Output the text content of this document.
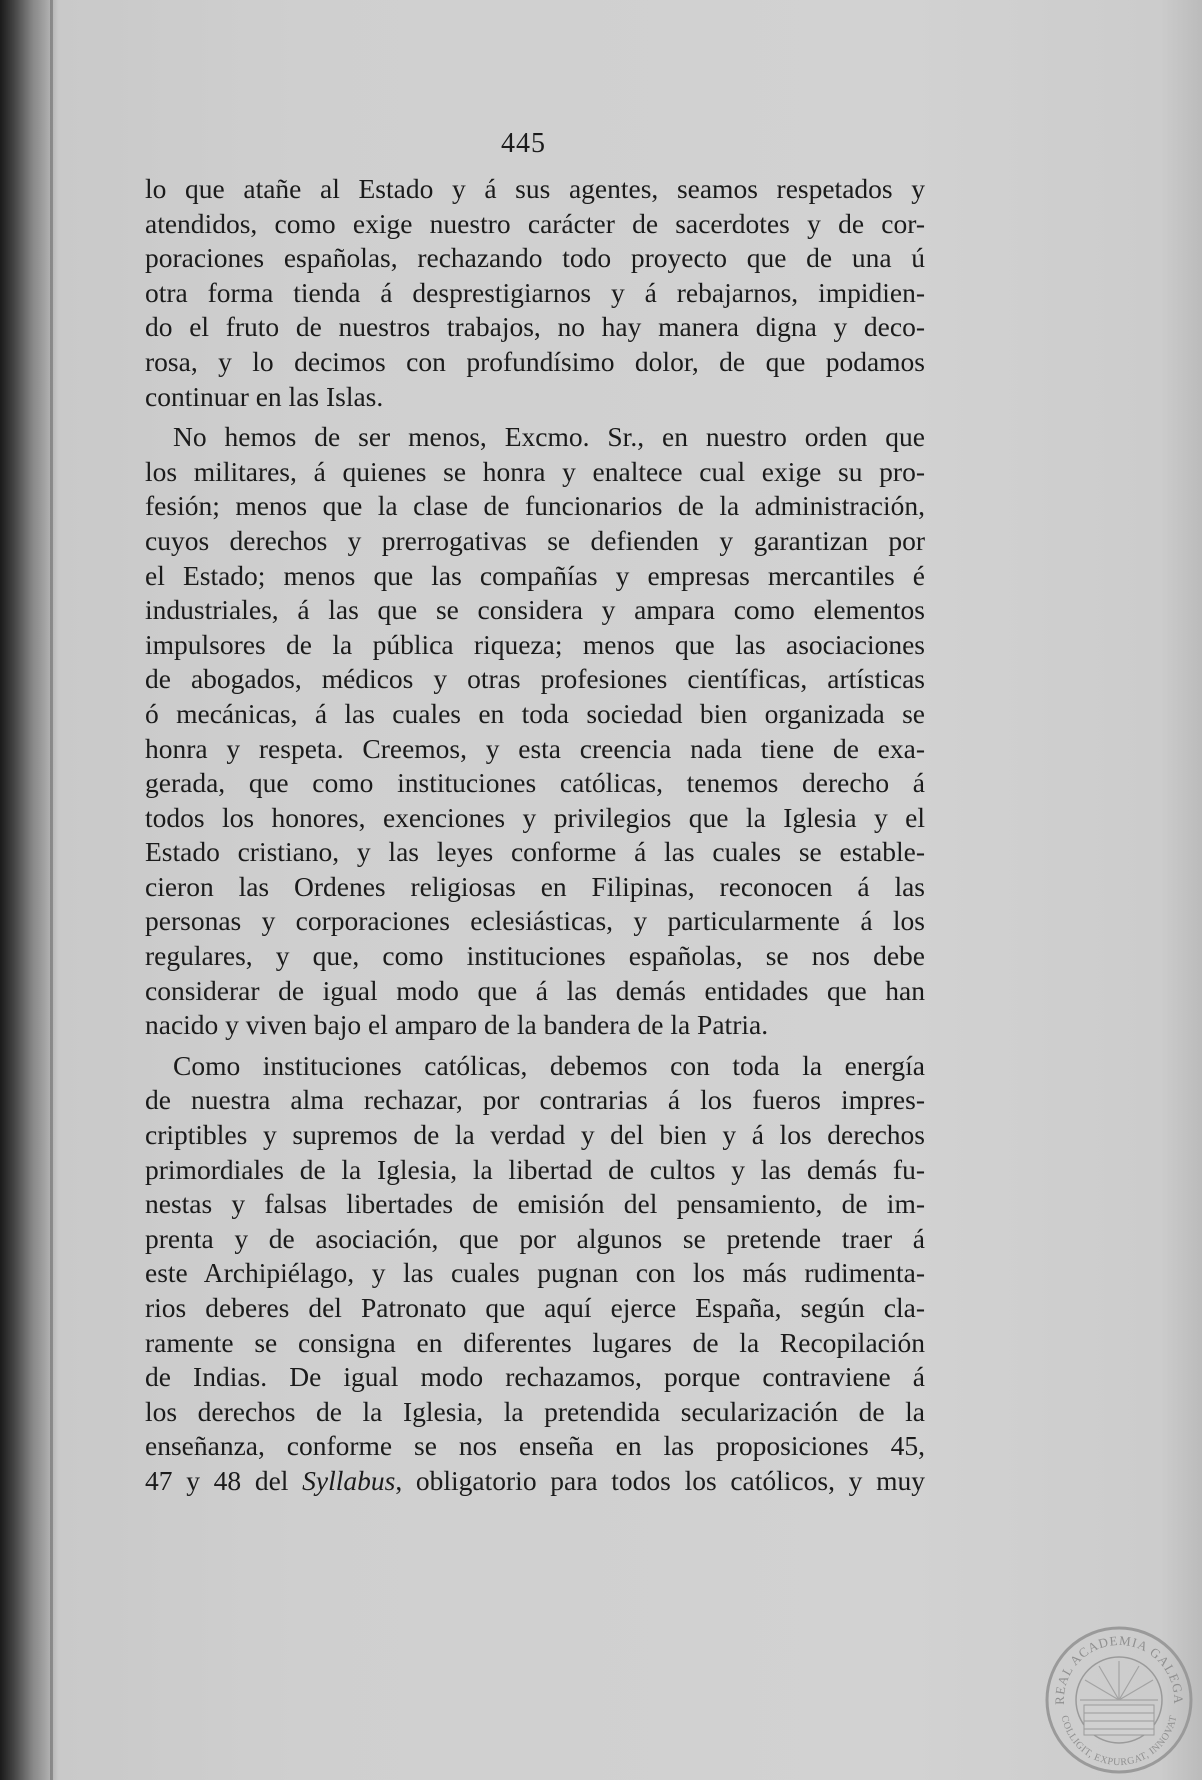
445
lo que atañe al Estado y á sus agentes, seamos respetados y
atendidos, como exige nuestro carácter de sacerdotes y de cor-
poraciones españolas, rechazando todo proyecto que de una ú
otra forma tienda á desprestigiarnos y á rebajarnos, impidien-
do el fruto de nuestros trabajos, no hay manera digna y deco-
rosa, y lo decimos con profundísimo dolor, de que podamos
continuar en las Islas.
No hemos de ser menos, Excmo. Sr., en nuestro orden que
los militares, á quienes se honra y enaltece cual exige su pro-
fesión; menos que la clase de funcionarios de la administración,
cuyos derechos y prerrogativas se defienden y garantizan por
el Estado; menos que las compañías y empresas mercantiles é
industriales, á las que se considera y ampara como elementos
impulsores de la pública riqueza; menos que las asociaciones
de abogados, médicos y otras profesiones científicas, artísticas
ó mecánicas, á las cuales en toda sociedad bien organizada se
honra y respeta. Creemos, y esta creencia nada tiene de exa-
gerada, que como instituciones católicas, tenemos derecho á
todos los honores, exenciones y privilegios que la Iglesia y el
Estado cristiano, y las leyes conforme á las cuales se estable-
cieron las Ordenes religiosas en Filipinas, reconocen á las
personas y corporaciones eclesiásticas, y particularmente á los
regulares, y que, como instituciones españolas, se nos debe
considerar de igual modo que á las demás entidades que han
nacido y viven bajo el amparo de la bandera de la Patria.
Como instituciones católicas, debemos con toda la energía
de nuestra alma rechazar, por contrarias á los fueros impres-
criptibles y supremos de la verdad y del bien y á los derechos
primordiales de la Iglesia, la libertad de cultos y las demás fu-
nestas y falsas libertades de emisión del pensamiento, de im-
prenta y de asociación, que por algunos se pretende traer á
este Archipiélago, y las cuales pugnan con los más rudimenta-
rios deberes del Patronato que aquí ejerce España, según cla-
ramente se consigna en diferentes lugares de la Recopilación
de Indias. De igual modo rechazamos, porque contraviene á
los derechos de la Iglesia, la pretendida secularización de la
enseñanza, conforme se nos enseña en las proposiciones 45,
47 y 48 del Syllabus, obligatorio para todos los católicos, y muy
REAL ACADEMIA GALEGA
COLLIGIT, EXPURGAT, INNOVAT
